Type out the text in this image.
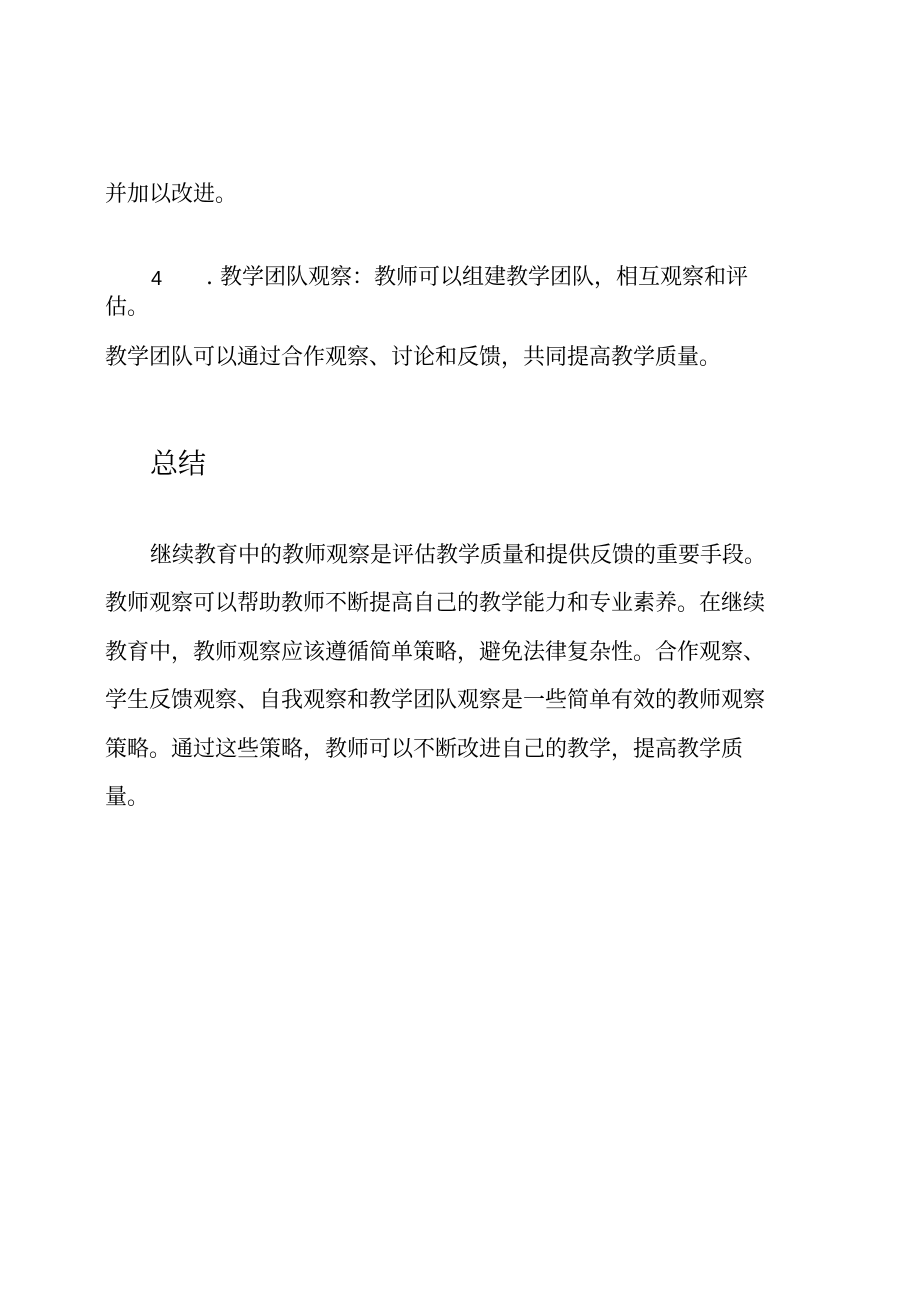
并加以改进。
4 . 教学团队观察：教师可以组建教学团队，相互观察和评
估。
教学团队可以通过合作观察、讨论和反馈，共同提高教学质量。
总结
继续教育中的教师观察是评估教学质量和提供反馈的重要手段。
教师观察可以帮助教师不断提高自己的教学能力和专业素养。在继续
教育中，教师观察应该遵循简单策略，避免法律复杂性。合作观察、
学生反馈观察、自我观察和教学团队观察是一些简单有效的教师观察
策略。通过这些策略，教师可以不断改进自己的教学，提高教学质
量。
